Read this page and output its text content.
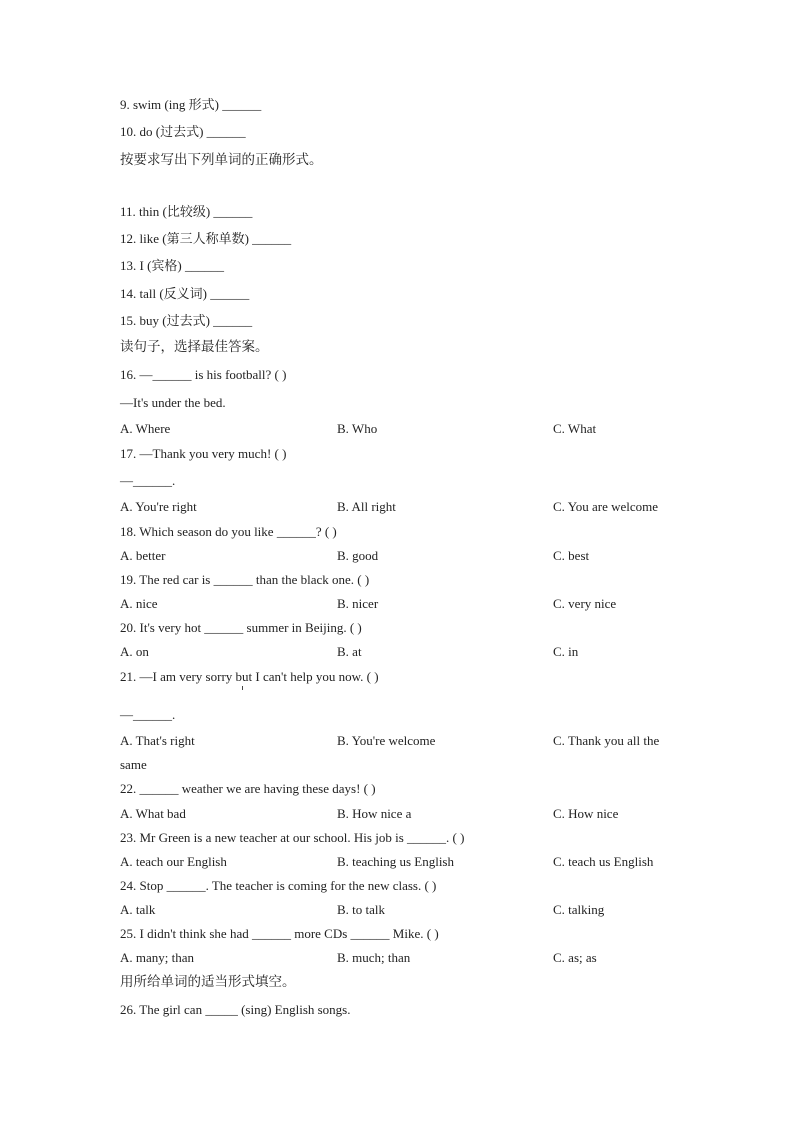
9. swim (ing 形式) ______
10. do (过去式) ______
按要求写出下列单词的正确形式。
11. thin (比较级) ______
12. like (第三人称单数) ______
13. I (宾格) ______
14. tall (反义词) ______
15. buy (过去式) ______
读句子，选择最佳答案。
16. —______ is his football? ( )
—It's under the bed.
A. Where	B. Who	C. What
17. —Thank you very much! ( )
—______.
A. You're right	B. All right	C. You are welcome
18. Which season do you like ______? ( )
A. better	B. good	C. best
19. The red car is ______ than the black one. ( )
A. nice	B. nicer	C. very nice
20. It's very hot ______ summer in Beijing. ( )
A. on	B. at	C. in
21. —I am very sorry but I can't help you now. ( )
—______.
A. That's right	B. You're welcome	C. Thank you all the
same
22. ______ weather we are having these days! ( )
A. What bad	B. How nice a	C. How nice
23. Mr Green is a new teacher at our school. His job is ______. ( )
A. teach our English	B. teaching us English	C. teach us English
24. Stop ______. The teacher is coming for the new class. ( )
A. talk	B. to talk	C. talking
25. I didn't think she had ______ more CDs ______ Mike. ( )
A. many; than	B. much; than	C. as; as
用所给单词的适当形式填空。
26. The girl can _____ (sing) English songs.
